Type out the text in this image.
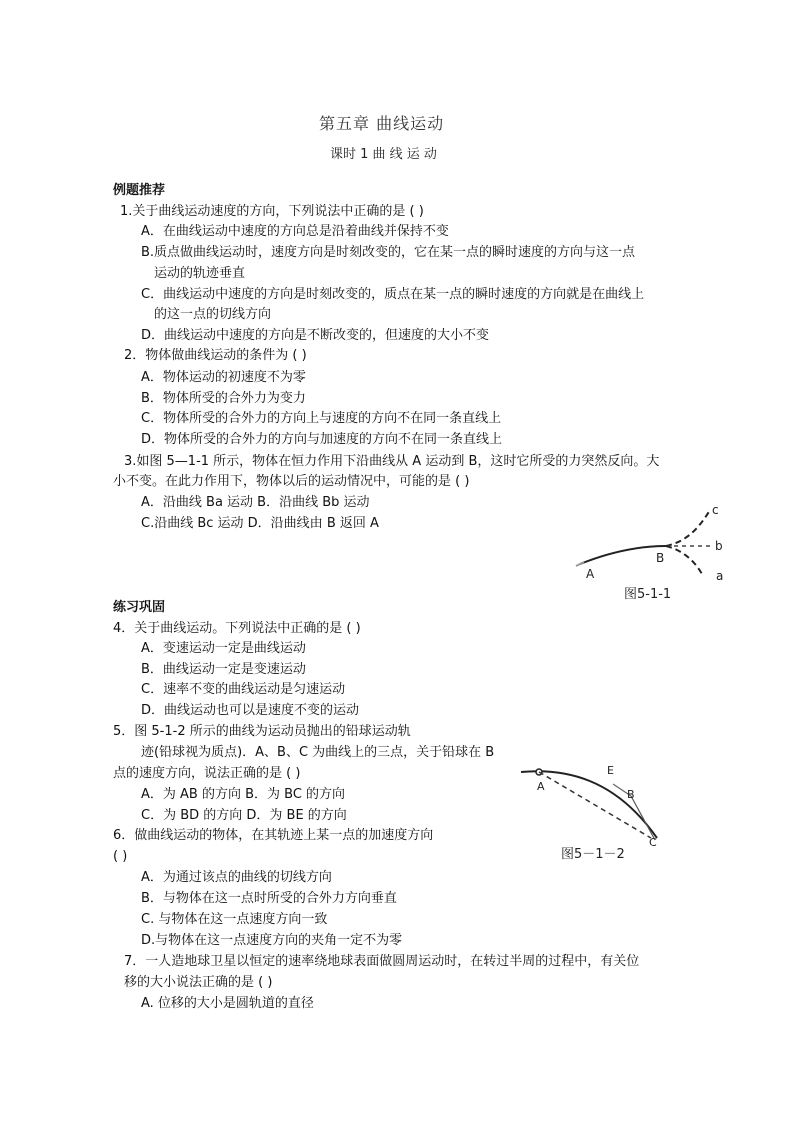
第五章 曲线运动
课时 1 曲 线 运 动
例题推荐
1.关于曲线运动速度的方向，下列说法中正确的是 ( )
A．在曲线运动中速度的方向总是沿着曲线并保持不变
B.质点做曲线运动时，速度方向是时刻改变的，它在某一点的瞬时速度的方向与这一点
运动的轨迹垂直
C．曲线运动中速度的方向是时刻改变的，质点在某一点的瞬时速度的方向就是在曲线上
的这一点的切线方向
D．曲线运动中速度的方向是不断改变的，但速度的大小不变
2．物体做曲线运动的条件为 ( )
A．物体运动的初速度不为零
B．物体所受的合外力为变力
C．物体所受的合外力的方向上与速度的方向不在同一条直线上
D．物体所受的合外力的方向与加速度的方向不在同一条直线上
3.如图 5—1-1 所示，物体在恒力作用下沿曲线从 A 运动到 B，这时它所受的力突然反向。大
小不变。在此力作用下，物体以后的运动情况中，可能的是 ( )
A．沿曲线 Ba 运动 B．沿曲线 Bb 运动
C.沿曲线 Bc 运动 D．沿曲线由 B 返回 A
c
b
a
A
B
图5-1-1
练习巩固
4．关于曲线运动。下列说法中正确的是 ( )
A．变速运动一定是曲线运动
B．曲线运动一定是变速运动
C．速率不变的曲线运动是匀速运动
D．曲线运动也可以是速度不变的运动
5．图 5-1-2 所示的曲线为运动员抛出的铅球运动轨
迹(铅球视为质点)．A、B、C 为曲线上的三点，关于铅球在 B
点的速度方向，说法正确的是 ( )
A．为 AB 的方向 B．为 BC 的方向
C．为 BD 的方向 D．为 BE 的方向
A
E
B
C
图5－1－2
6．做曲线运动的物体，在其轨迹上某一点的加速度方向
( )
A．为通过该点的曲线的切线方向
B．与物体在这一点时所受的合外力方向垂直
C. 与物体在这一点速度方向一致
D.与物体在这一点速度方向的夹角一定不为零
7．一人造地球卫星以恒定的速率绕地球表面做圆周运动时，在转过半周的过程中，有关位
移的大小说法正确的是 ( )
A. 位移的大小是圆轨道的直径
